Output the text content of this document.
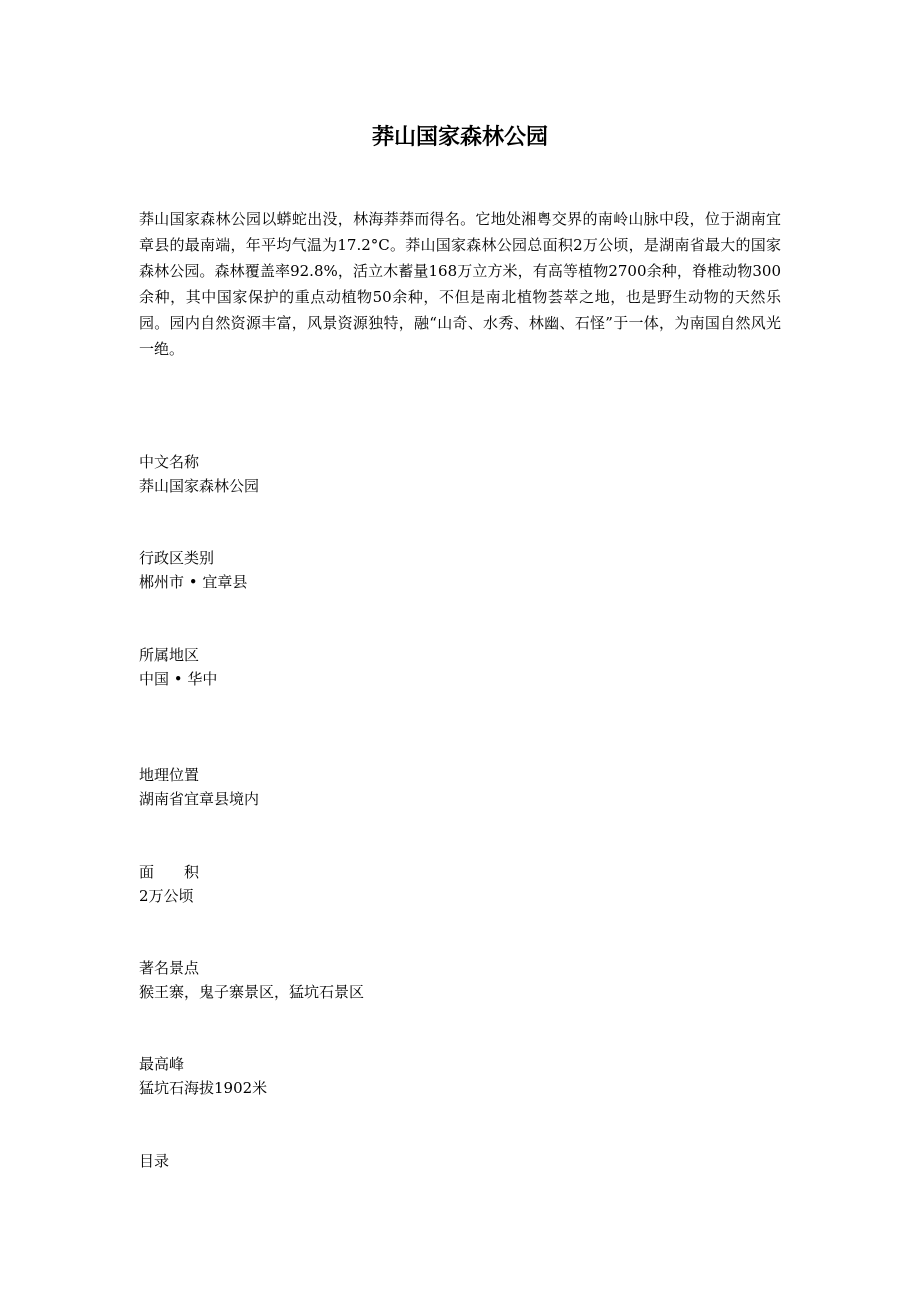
莽山国家森林公园

莽山国家森林公园以蟒蛇出没，林海莽莽而得名。它地处湘粤交界的南岭山脉中段，位于湖南宜章县的最南端，年平均气温为17.2°C。莽山国家森林公园总面积2万公顷，是湖南省最大的国家森林公园。森林覆盖率92.8%，活立木蓄量168万立方米，有高等植物2700余种，脊椎动物300余种，其中国家保护的重点动植物50余种，不但是南北植物荟萃之地，也是野生动物的天然乐园。园内自然资源丰富，风景资源独特，融“山奇、水秀、林幽、石怪”于一体，为南国自然风光一绝。

中文名称
莽山国家森林公园
行政区类别
郴州市 • 宜章县
所属地区
中国 • 华中
地理位置
湖南省宜章县境内
面　　积
2万公顷
著名景点
猴王寨，鬼子寨景区，猛坑石景区
最高峰
猛坑石海拔1902米
目录
